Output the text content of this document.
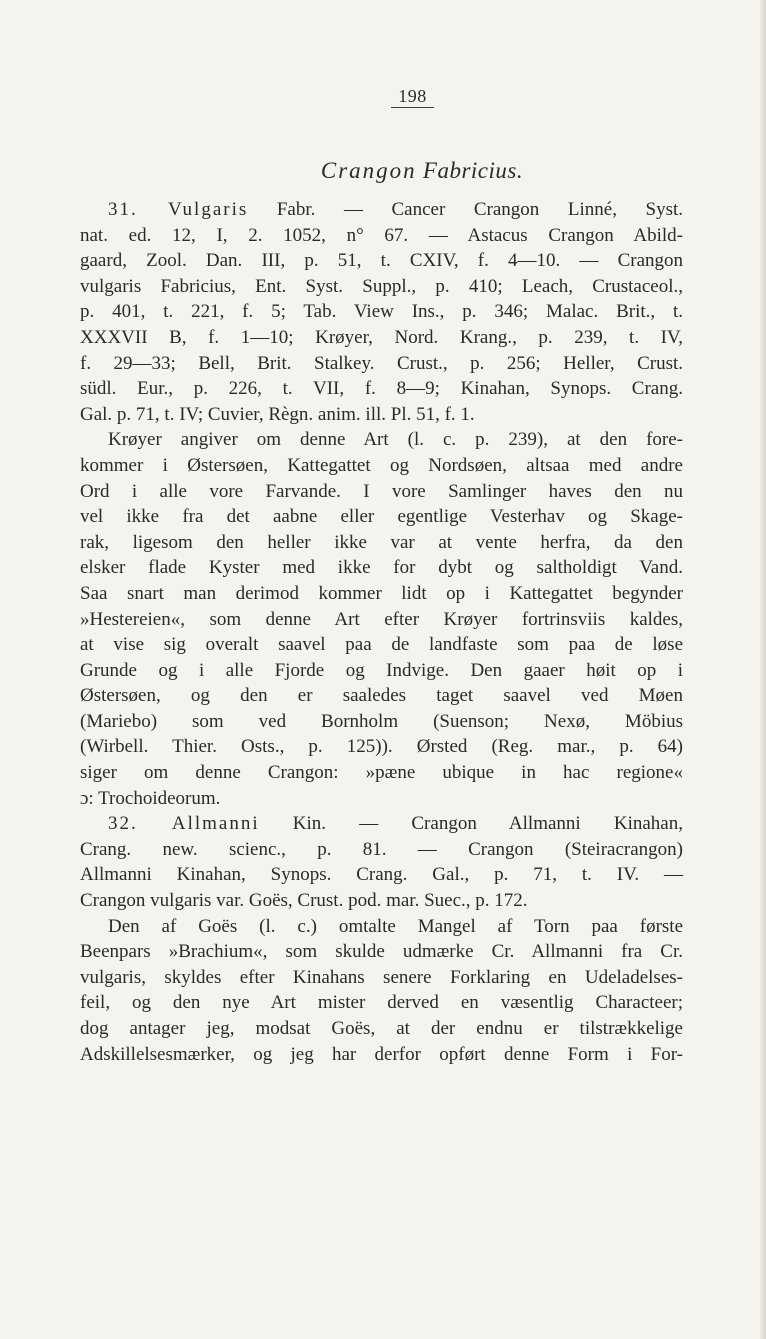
198
Crangon Fabricius.
31. Vulgaris Fabr. — Cancer Crangon Linné, Syst.
nat. ed. 12, I, 2. 1052, n° 67. — Astacus Crangon Abild-
gaard, Zool. Dan. III, p. 51, t. CXIV, f. 4—10. — Crangon
vulgaris Fabricius, Ent. Syst. Suppl., p. 410; Leach, Crustaceol.,
p. 401, t. 221, f. 5; Tab. View Ins., p. 346; Malac. Brit., t.
XXXVII B, f. 1—10; Krøyer, Nord. Krang., p. 239, t. IV,
f. 29—33; Bell, Brit. Stalkey. Crust., p. 256; Heller, Crust.
südl. Eur., p. 226, t. VII, f. 8—9; Kinahan, Synops. Crang.
Gal. p. 71, t. IV; Cuvier, Règn. anim. ill. Pl. 51, f. 1.
Krøyer angiver om denne Art (l. c. p. 239), at den fore-
kommer i Østersøen, Kattegattet og Nordsøen, altsaa med andre
Ord i alle vore Farvande. I vore Samlinger haves den nu
vel ikke fra det aabne eller egentlige Vesterhav og Skage-
rak, ligesom den heller ikke var at vente herfra, da den
elsker flade Kyster med ikke for dybt og saltholdigt Vand.
Saa snart man derimod kommer lidt op i Kattegattet begynder
»Hestereien«, som denne Art efter Krøyer fortrinsviis kaldes,
at vise sig overalt saavel paa de landfaste som paa de løse
Grunde og i alle Fjorde og Indvige. Den gaaer høit op i
Østersøen, og den er saaledes taget saavel ved Møen
(Mariebo) som ved Bornholm (Suenson; Nexø, Möbius
(Wirbell. Thier. Osts., p. 125)). Ørsted (Reg. mar., p. 64)
siger om denne Crangon: »pæne ubique in hac regione«
ɔ: Trochoideorum.
32. Allmanni Kin. — Crangon Allmanni Kinahan,
Crang. new. scienc., p. 81. — Crangon (Steiracrangon)
Allmanni Kinahan, Synops. Crang. Gal., p. 71, t. IV. —
Crangon vulgaris var. Goës, Crust. pod. mar. Suec., p. 172.
Den af Goës (l. c.) omtalte Mangel af Torn paa første
Beenpars »Brachium«, som skulde udmærke Cr. Allmanni fra Cr.
vulgaris, skyldes efter Kinahans senere Forklaring en Udeladelses-
feil, og den nye Art mister derved en væsentlig Characteer;
dog antager jeg, modsat Goës, at der endnu er tilstrækkelige
Adskillelsesmærker, og jeg har derfor opført denne Form i For-
